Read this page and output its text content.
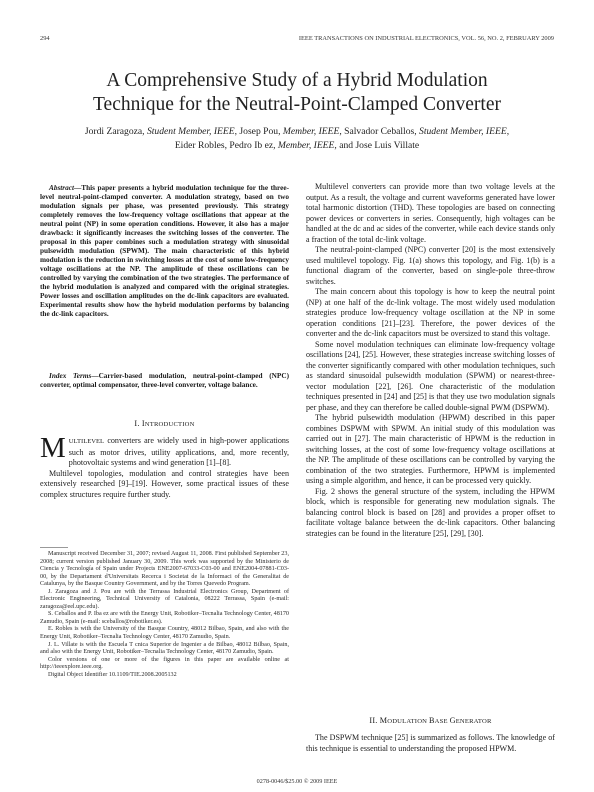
294	IEEE TRANSACTIONS ON INDUSTRIAL ELECTRONICS, VOL. 56, NO. 2, FEBRUARY 2009
A Comprehensive Study of a Hybrid Modulation
Technique for the Neutral-Point-Clamped Converter
Jordi Zaragoza, Student Member, IEEE, Josep Pou, Member, IEEE, Salvador Ceballos, Student Member, IEEE,
Eider Robles, Pedro Ib ez, Member, IEEE, and Jose Luis Villate

Abstract—This paper presents a hybrid modulation technique for the three-level neutral-point-clamped converter. A modulation strategy, based on two modulation signals per phase, was presented previously. This strategy completely removes the low-frequency voltage oscillations that appear at the neutral point (NP) in some operation conditions. However, it also has a major drawback: it significantly increases the switching losses of the converter. The proposal in this paper combines such a modulation strategy with sinusoidal pulsewidth modulation (SPWM). The main characteristic of this hybrid modulation is the reduction in switching losses at the cost of some low-frequency voltage oscillations at the NP. The amplitude of these oscillations can be controlled by varying the combination of the two strategies. The performance of the hybrid modulation is analyzed and compared with the original strategies. Power losses and oscillation amplitudes on the dc-link capacitors are evaluated. Experimental results show how the hybrid modulation performs by balancing the dc-link capacitors.

Index Terms—Carrier-based modulation, neutral-point-clamped (NPC) converter, optimal compensator, three-level converter, voltage balance.

I. INTRODUCTION

MULTILEVEL converters are widely used in high-power applications such as motor drives, utility applications, and, more recently, photovoltaic systems and wind generation [1]–[8].

Multilevel topologies, modulation and control strategies have been extensively researched [9]–[19]. However, some practical issues of these complex structures require further study.

Manuscript received December 31, 2007; revised August 11, 2008. First published September 23, 2008; current version published January 30, 2009. This work was supported by the Ministerio de Ciencia y Tecnología of Spain under Projects ENE2007-67033-C03-00 and ENE2004-07881-C03-00, by the Departament d'Universitats Recerca i Societat de la Informaci of the Generalitat de Catalunya, by the Basque Country Government, and by the Torres Quevedo Program.

J. Zaragoza and J. Pou are with the Terrassa Industrial Electronics Group, Department of Electronic Engineering, Technical University of Catalonia, 08222 Terrassa, Spain (e-mail: zaragoza@eel.upc.edu).

S. Ceballos and P. Iba ez are with the Energy Unit, Robotiker–Tecnalia Technology Center, 48170 Zamudio, Spain (e-mail: sceballos@robotiker.es).

E. Robles is with the University of the Basque Country, 48012 Bilbao, Spain, and also with the Energy Unit, Robotiker–Tecnalia Technology Center, 48170 Zamudio, Spain.

J. L. Villate is with the Escuela T cnica Superior de Ingenier a de Bilbao, 48012 Bilbao, Spain, and also with the Energy Unit, Robotiker–Tecnalia Technology Center, 48170 Zamudio, Spain.

Color versions of one or more of the figures in this paper are available online at http://ieeexplore.ieee.org.

Digital Object Identifier 10.1109/TIE.2008.2005132

Multilevel converters can provide more than two voltage levels at the output. As a result, the voltage and current waveforms generated have lower total harmonic distortion (THD). These topologies are based on connecting power devices or converters in series. Consequently, high voltages can be handled at the dc and ac sides of the converter, while each device stands only a fraction of the total dc-link voltage.

The neutral-point-clamped (NPC) converter [20] is the most extensively used multilevel topology. Fig. 1(a) shows this topology, and Fig. 1(b) is a functional diagram of the converter, based on single-pole three-throw switches.

The main concern about this topology is how to keep the neutral point (NP) at one half of the dc-link voltage. The most widely used modulation strategies produce low-frequency voltage oscillation at the NP in some operation conditions [21]–[23]. Therefore, the power devices of the converter and the dc-link capacitors must be oversized to stand this voltage.

Some novel modulation techniques can eliminate low-frequency voltage oscillations [24], [25]. However, these strategies increase switching losses of the converter significantly compared with other modulation techniques, such as standard sinusoidal pulsewidth modulation (SPWM) or nearest-three-vector modulation [22], [26]. One characteristic of the modulation techniques presented in [24] and [25] is that they use two modulation signals per phase, and they can therefore be called double-signal PWM (DSPWM).

The hybrid pulsewidth modulation (HPWM) described in this paper combines DSPWM with SPWM. An initial study of this modulation was carried out in [27]. The main characteristic of HPWM is the reduction in switching losses, at the cost of some low-frequency voltage oscillations at the NP. The amplitude of these oscillations can be controlled by varying the combination of the two strategies. Furthermore, HPWM is implemented using a simple algorithm, and hence, it can be processed very quickly.

Fig. 2 shows the general structure of the system, including the HPWM block, which is responsible for generating new modulation signals. The balancing control block is based on [28] and provides a proper offset to facilitate voltage balance between the dc-link capacitors. Other balancing strategies can be found in the literature [25], [29], [30].

II. MODULATION BASE GENERATOR

The DSPWM technique [25] is summarized as follows. The knowledge of this technique is essential to understanding the proposed HPWM.

0278-0046/$25.00 © 2009 IEEE
